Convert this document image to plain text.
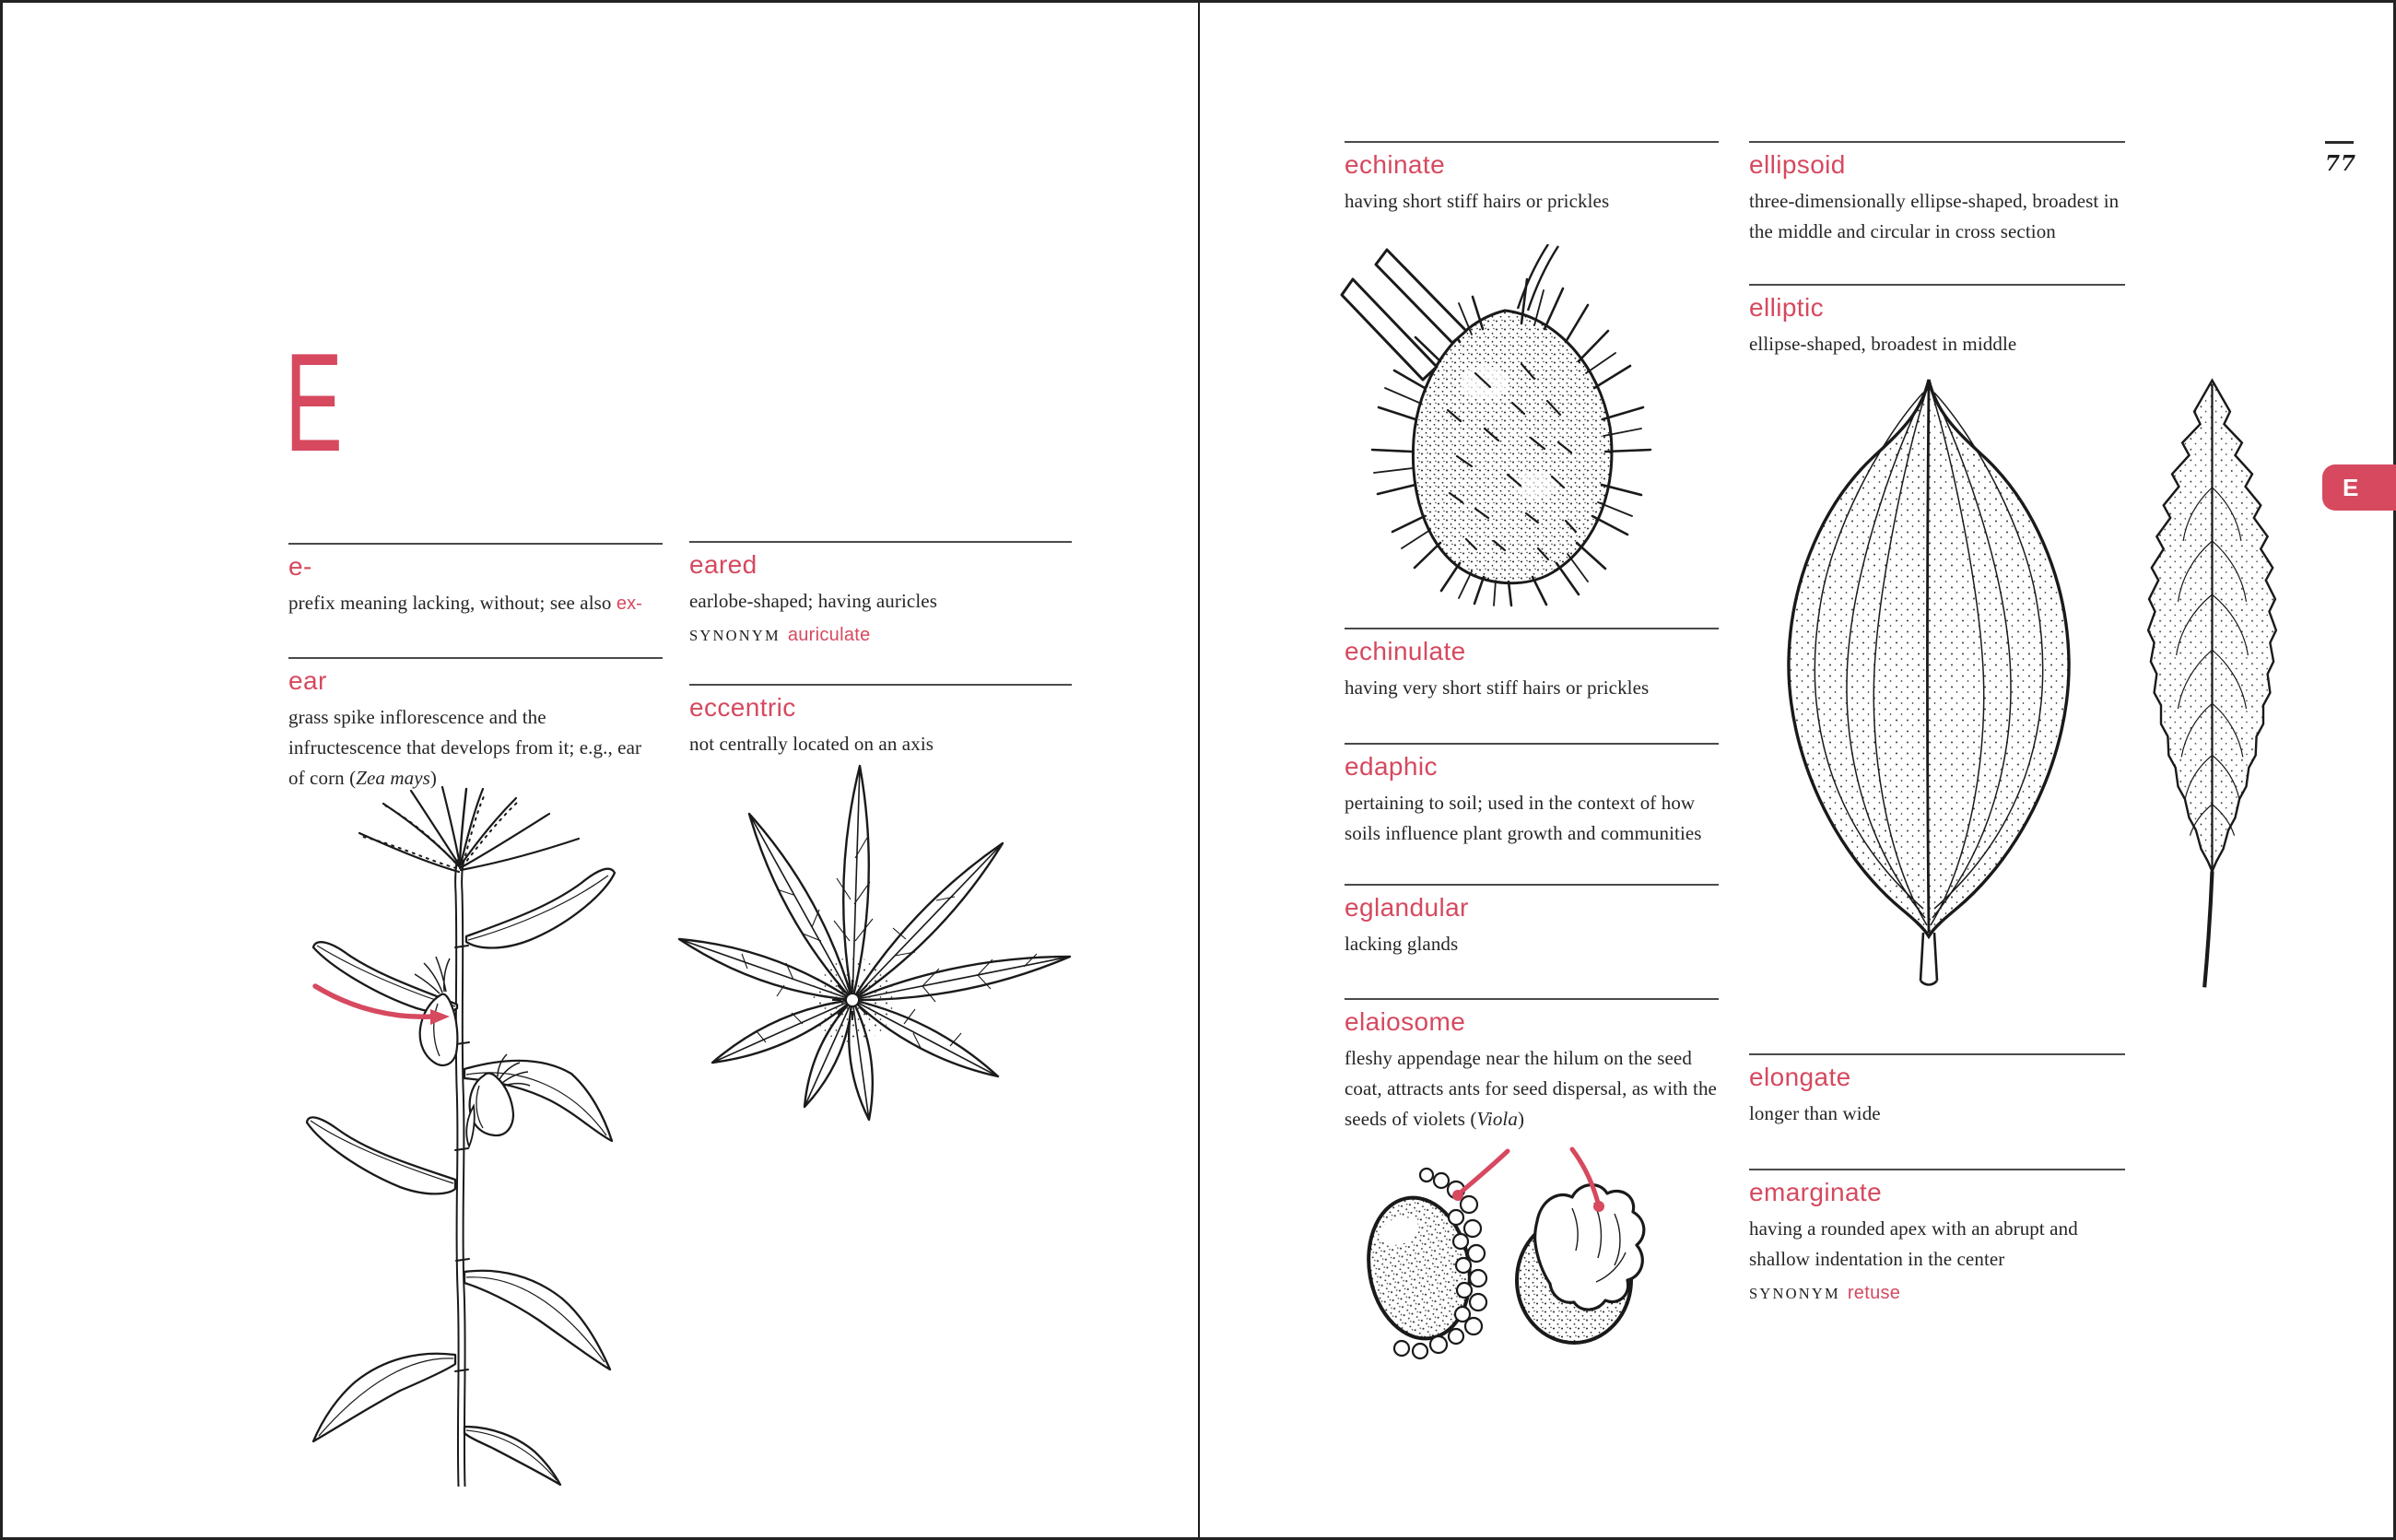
E
e-

prefix meaning lacking, without; see also ex-

ear

grass spike inflorescence and the infructescence that develops from it; e.g., ear of corn (Zea mays)

eared

earlobe-shaped; having auricles

SYNONYM auriculate

eccentric

not centrally located on an axis

echinate

having short stiff hairs or prickles

echinulate

having very short stiff hairs or prickles

edaphic

pertaining to soil; used in the context of how soils influence plant growth and communities

eglandular

lacking glands

elaiosome

fleshy appendage near the hilum on the seed coat, attracts ants for seed dispersal, as with the seeds of violets (Viola)

ellipsoid

three-dimensionally ellipse-shaped, broadest in the middle and circular in cross section

elliptic

ellipse-shaped, broadest in middle

elongate

longer than wide

emarginate

having a rounded apex with an abrupt and shallow indentation in the center

SYNONYM retuse

77
E
